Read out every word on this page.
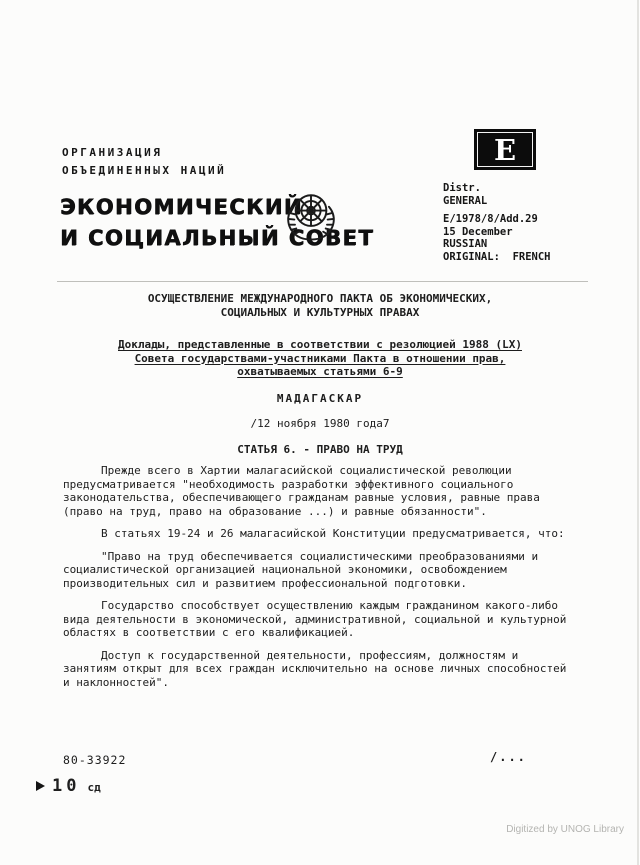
ОРГАНИЗАЦИЯ
ОБЪЕДИНЕННЫХ НАЦИЙ
ЭКОНОМИЧЕСКИЙ
И СОЦИАЛЬНЫЙ СОВЕТ
E
Distr.
GENERAL
E/1978/8/Add.29
15 December
RUSSIAN
ORIGINAL: FRENCH
ОСУЩЕСТВЛЕНИЕ МЕЖДУНАРОДНОГО ПАКТА ОБ ЭКОНОМИЧЕСКИХ,
СОЦИАЛЬНЫХ И КУЛЬТУРНЫХ ПРАВАХ
Доклады, представленные в соответствии с резолюцией 1988 (LX)
Совета государствами-участниками Пакта в отношении прав,
охватываемых статьями 6-9
МАДАГАСКАР
/12 ноября 1980 года7
СТАТЬЯ 6. - ПРАВО НА ТРУД

Прежде всего в Хартии малагасийской социалистической революции предусматривается "необходимость разработки эффективного социального законодательства, обеспечивающего гражданам равные условия, равные права (право на труд, право на образование ...) и равные обязанности".

В статьях 19-24 и 26 малагасийской Конституции предусматривается, что:

"Право на труд обеспечивается социалистическими преобразованиями и социалистической организацией национальной экономики, освобождением производительных сил и развитием профессиональной подготовки.

Государство способствует осуществлению каждым гражданином какого-либо вида деятельности в экономической, административной, социальной и культурной областях в соответствии с его квалификацией.

Доступ к государственной деятельности, профессиям, должностям и занятиям открыт для всех граждан исключительно на основе личных способностей и наклонностей".

80-33922	/...
10 сд
Digitized by UNOG Library
